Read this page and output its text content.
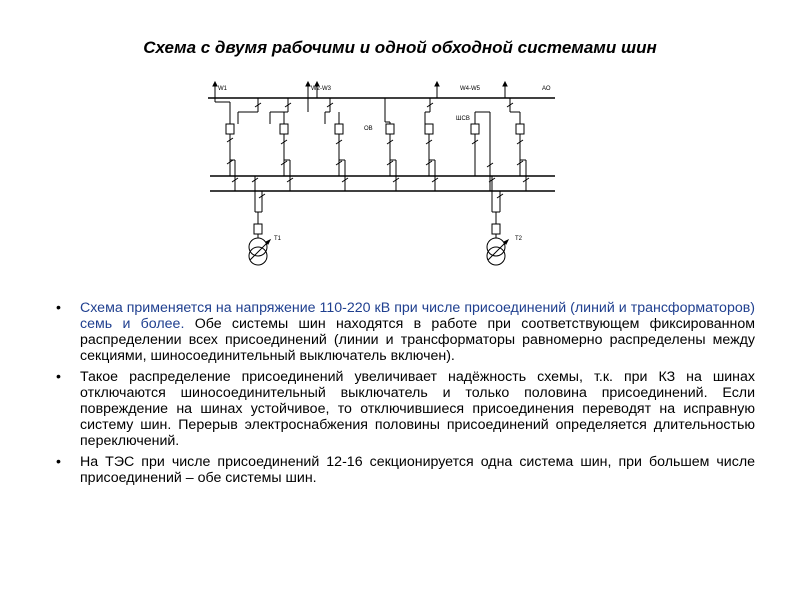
Схема с двумя рабочими и одной обходной системами шин
W1	W2-W3	W4-W5	АО
ОВ
ШСВ
T1	T2
• Схема применяется на напряжение 110-220 кВ при числе присоединений (линий и трансформаторов) семь и более. Обе системы шин находятся в работе при соответствующем фиксированном распределении всех присоединений (линии и трансформаторы равномерно распределены между секциями, шиносоединительный выключатель включен).
• Такое распределение присоединений увеличивает надёжность схемы, т.к. при КЗ на шинах отключаются шиносоединительный выключатель и только половина присоединений. Если повреждение на шинах устойчивое, то отключившиеся присоединения переводят на исправную систему шин. Перерыв электроснабжения половины присоединений определяется длительностью переключений.
• На ТЭС при числе присоединений 12-16 секционируется одна система шин, при большем числе присоединений – обе системы шин.
